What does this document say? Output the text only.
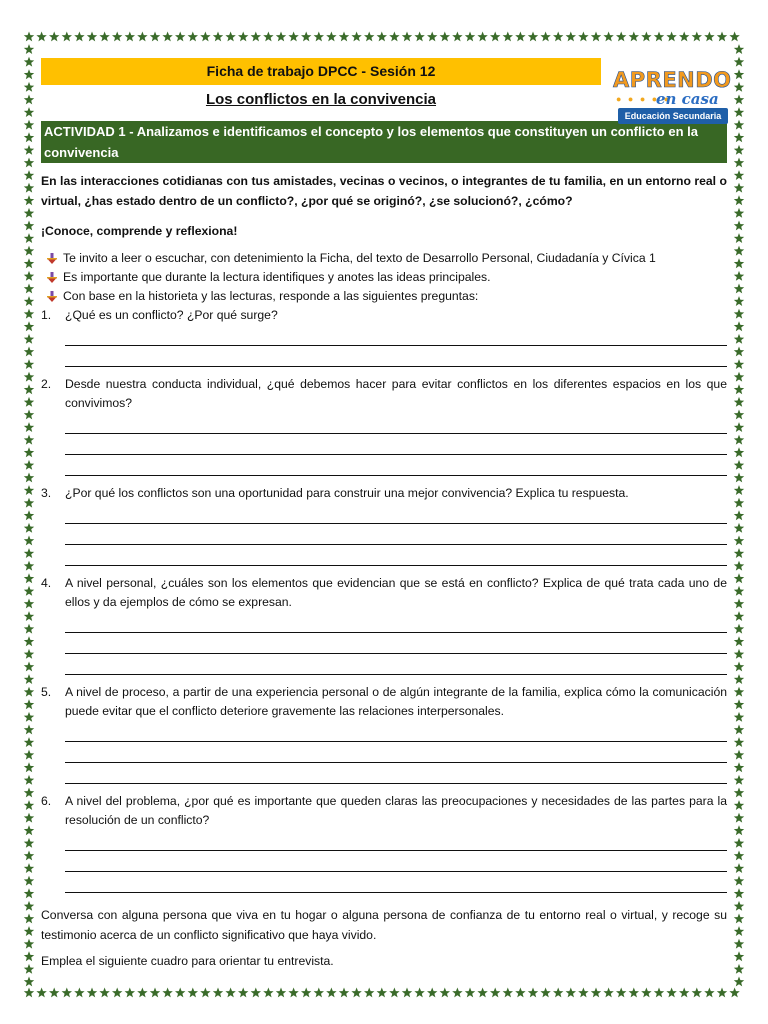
Ficha de trabajo DPCC - Sesión 12
Los conflictos en la convivencia
APRENDO
● ● ● ● ●
en casa
Educación Secundaria
ACTIVIDAD 1 - Analizamos e identificamos el concepto y los elementos que constituyen un conflicto en la convivencia
En las interacciones cotidianas con tus amistades, vecinas o vecinos, o integrantes de tu familia, en un entorno real o virtual, ¿has estado dentro de un conflicto?, ¿por qué se originó?, ¿se solucionó?, ¿cómo?
¡Conoce, comprende y reflexiona!
Te invito a leer o escuchar, con detenimiento la Ficha, del texto de Desarrollo Personal, Ciudadanía y Cívica 1
Es importante que durante la lectura identifiques y anotes las ideas principales.
Con base en la historieta y las lecturas, responde a las siguientes preguntas:
1.	¿Qué es un conflicto? ¿Por qué surge?
2.	Desde nuestra conducta individual, ¿qué debemos hacer para evitar conflictos en los diferentes espacios en los que convivimos?
3.	¿Por qué los conflictos son una oportunidad para construir una mejor convivencia? Explica tu respuesta.
4.	A nivel personal, ¿cuáles son los elementos que evidencian que se está en conflicto? Explica de qué trata cada uno de ellos y da ejemplos de cómo se expresan.
5.	A nivel de proceso, a partir de una experiencia personal o de algún integrante de la familia, explica cómo la comunicación puede evitar que el conflicto deteriore gravemente las relaciones interpersonales.
6.	A nivel del problema, ¿por qué es importante que queden claras las preocupaciones y necesidades de las partes para la resolución de un conflicto?
Conversa con alguna persona que viva en tu hogar o alguna persona de confianza de tu entorno real o virtual, y recoge su testimonio acerca de un conflicto significativo que haya vivido.
Emplea el siguiente cuadro para orientar tu entrevista.
